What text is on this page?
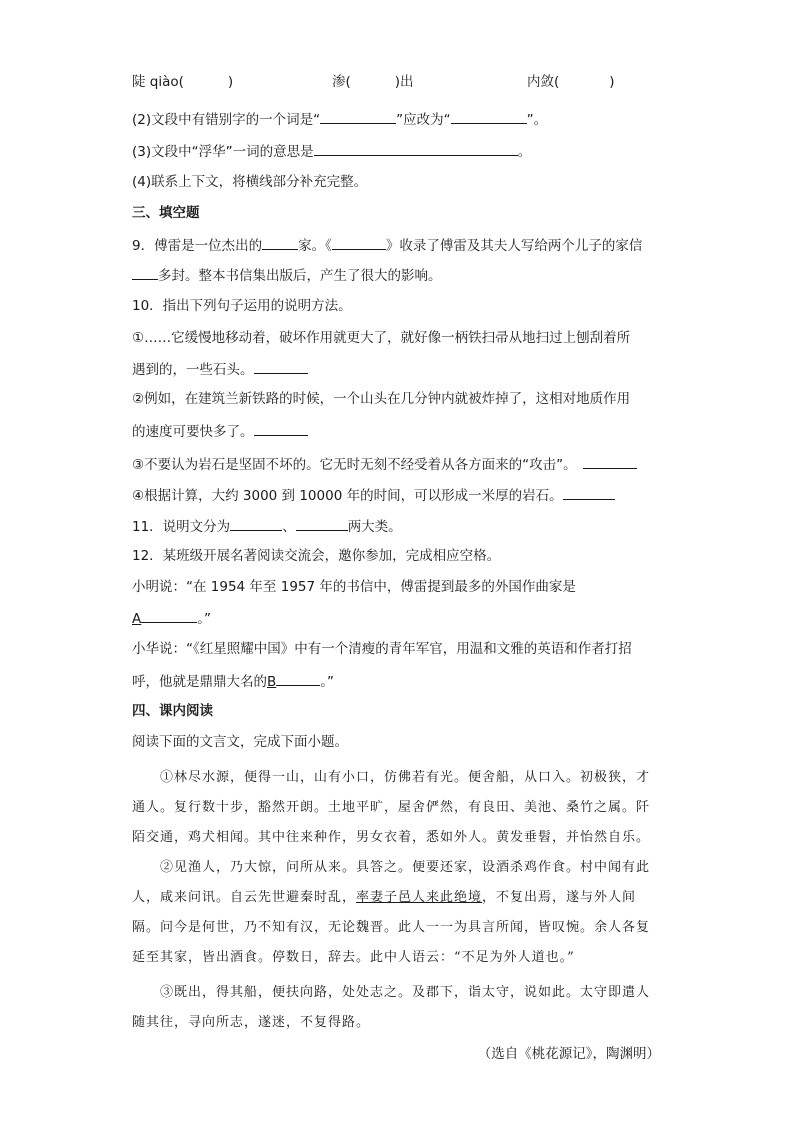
陡 qiào(	)	渗(	)出	内敛(	)
(2)文段中有错别字的一个词是“	”应改为“	”。
(3)文段中“浮华”一词的意思是	。
(4)联系上下文，将横线部分补充完整。
三、填空题
9．傅雷是一位杰出的	家。《	》收录了傅雷及其夫人写给两个儿子的家信
多封。整本书信集出版后，产生了很大的影响。
10．指出下列句子运用的说明方法。
①……它缓慢地移动着，破坏作用就更大了，就好像一柄铁扫帚从地扫过上刨刮着所
遇到的，一些石头。
②例如，在建筑兰新铁路的时候，一个山头在几分钟内就被炸掉了，这相对地质作用
的速度可要快多了。
③不要认为岩石是坚固不坏的。它无时无刻不经受着从各方面来的“攻击”。
④根据计算，大约 3000 到 10000 年的时间，可以形成一米厚的岩石。
11．说明文分为	、	两大类。
12．某班级开展名著阅读交流会，邀你参加，完成相应空格。
小明说：“在 1954 年至 1957 年的书信中，傅雷提到最多的外国作曲家是
A	。”
小华说：“《红星照耀中国》中有一个清瘦的青年军官，用温和文雅的英语和作者打招
呼，他就是鼎鼎大名的B	。”
四、课内阅读
阅读下面的文言文，完成下面小题。
①林尽水源，便得一山，山有小口，仿佛若有光。便舍船，从口入。初极狭，才
通人。复行数十步，豁然开朗。土地平旷，屋舍俨然，有良田、美池、桑竹之属。阡
陌交通，鸡犬相闻。其中往来种作，男女衣着，悉如外人。黄发垂髫，并怡然自乐。
②见渔人，乃大惊，问所从来。具答之。便要还家，设酒杀鸡作食。村中闻有此
人，咸来问讯。自云先世避秦时乱，率妻子邑人来此绝境，不复出焉，遂与外人间
隔。问今是何世，乃不知有汉，无论魏晋。此人一一为具言所闻，皆叹惋。余人各复
延至其家，皆出酒食。停数日，辞去。此中人语云：“不足为外人道也。”
③既出，得其船，便扶向路，处处志之。及郡下，诣太守，说如此。太守即遣人
随其往，寻向所志，遂迷，不复得路。
（选自《桃花源记》，陶渊明）
